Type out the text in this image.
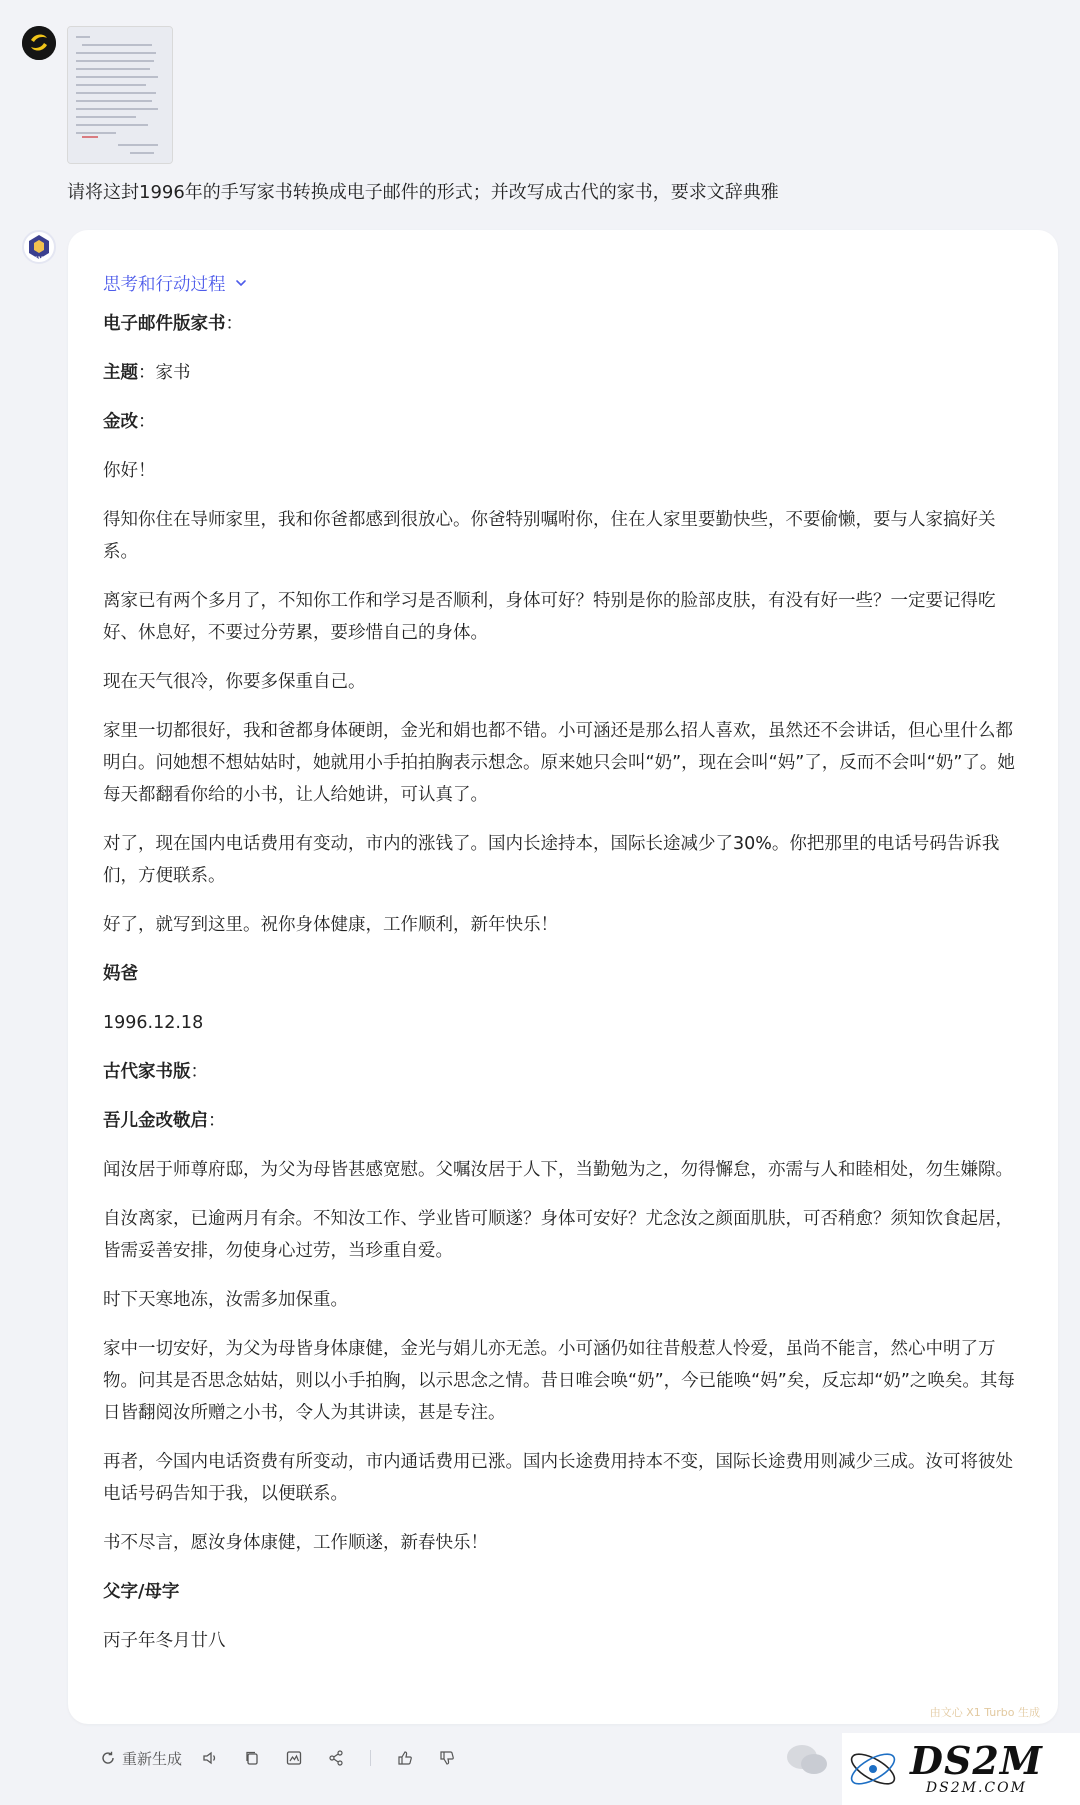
请将这封1996年的手写家书转换成电子邮件的形式；并改写成古代的家书，要求文辞典雅
X1T
思考和行动过程
电子邮件版家书：
主题：家书
金改：
你好！
得知你住在导师家里，我和你爸都感到很放心。你爸特别嘱咐你，住在人家里要勤快些，不要偷懒，要与人家搞好关系。
离家已有两个多月了，不知你工作和学习是否顺利，身体可好？特别是你的脸部皮肤，有没有好一些？一定要记得吃好、休息好，不要过分劳累，要珍惜自己的身体。
现在天气很冷，你要多保重自己。
家里一切都很好，我和爸都身体硬朗，金光和娟也都不错。小可涵还是那么招人喜欢，虽然还不会讲话，但心里什么都明白。问她想不想姑姑时，她就用小手拍拍胸表示想念。原来她只会叫“奶”，现在会叫“妈”了，反而不会叫“奶”了。她每天都翻看你给的小书，让人给她讲，可认真了。
对了，现在国内电话费用有变动，市内的涨钱了。国内长途持本，国际长途减少了30%。你把那里的电话号码告诉我们，方便联系。
好了，就写到这里。祝你身体健康，工作顺利，新年快乐！
妈爸
1996.12.18
古代家书版：
吾儿金改敬启：
闻汝居于师尊府邸，为父为母皆甚感宽慰。父嘱汝居于人下，当勤勉为之，勿得懈怠，亦需与人和睦相处，勿生嫌隙。
自汝离家，已逾两月有余。不知汝工作、学业皆可顺遂？身体可安好？尤念汝之颜面肌肤，可否稍愈？须知饮食起居，皆需妥善安排，勿使身心过劳，当珍重自爱。
时下天寒地冻，汝需多加保重。
家中一切安好，为父为母皆身体康健，金光与娟儿亦无恙。小可涵仍如往昔般惹人怜爱，虽尚不能言，然心中明了万物。问其是否思念姑姑，则以小手拍胸，以示思念之情。昔日唯会唤“奶”，今已能唤“妈”矣，反忘却“奶”之唤矣。其每日皆翻阅汝所赠之小书，令人为其讲读，甚是专注。
再者，今国内电话资费有所变动，市内通话费用已涨。国内长途费用持本不变，国际长途费用则减少三成。汝可将彼处电话号码告知于我，以便联系。
书不尽言，愿汝身体康健，工作顺遂，新春快乐！
父字/母字
丙子年冬月廿八
由文心 X1 Turbo 生成
重新生成	DS2M
DS2M.COM
